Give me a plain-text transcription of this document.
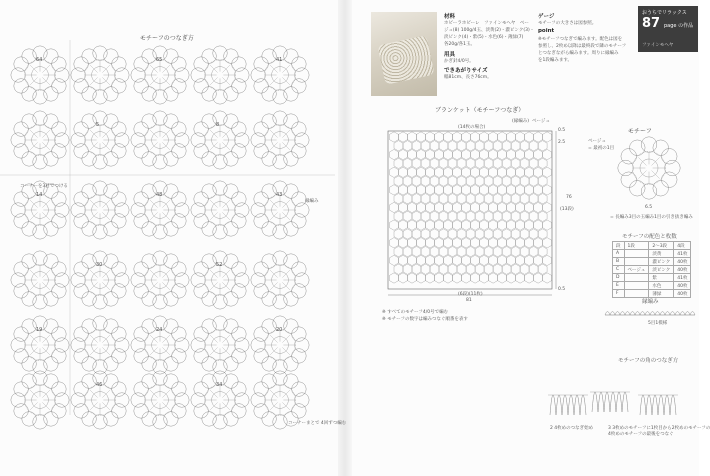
モチーフのつなぎ方
64	65	41
5	8
14	48	43
30	52
19	24	20
46	34
縁編み
コーナーを3目でつける
コーナーまとで 4回ずつ編む
材料
ホビーラホビーレ　ファインモヘヤ　ベー
ジュ(8) 100g/4玉、淡黄(2)・濃ピンク(3)・
淡ピンク(4)・紫(5)・水色(6)・薄緑(7)
各20g/各1玉。
用具
かぎ針4/0号。
できあがりサイズ
幅81cm、長さ76cm。
ゲージ
モチーフの大きさは図参照。
point
※モチーフつなぎで編みます。配色は図を
参照し、2枚め以降は最終段で隣のモチーフ
とつなぎながら編みます。周りに縁編み
を1段編みます。
おうちでリラックス
87 page の作品
ファインモヘヤ
ブランケット（モチーフつなぎ）
(14枚の場合)
(縁編み) ベージュ
0.5
2.5
76
(13段)
0.5
(6段)(11枚)
81
※ すべてのモチーフ4/0号で編む
※ モチーフの数字は編みつなぐ順番を表す
モチーフ
ベージュ
= 最初の1目
6.5
= 長編み3目の玉編み1目の引き抜き編み
モチーフの配色と枚数
段	1段	2〜3段	4段
A		淡黄	41枚
B		濃ピンク	40枚
C	ベージュ	淡ピンク	40枚
D		紫	41枚
E		水色	40枚
F		薄緑	40枚
縁編み
5目1模様
モチーフの角のつなぎ方
2 4枚めのつなぎ始め	3 3枚めのモチーフに1枚目から2枚めのモチーフの
4枚めのモチーフの最後をつなぐ
